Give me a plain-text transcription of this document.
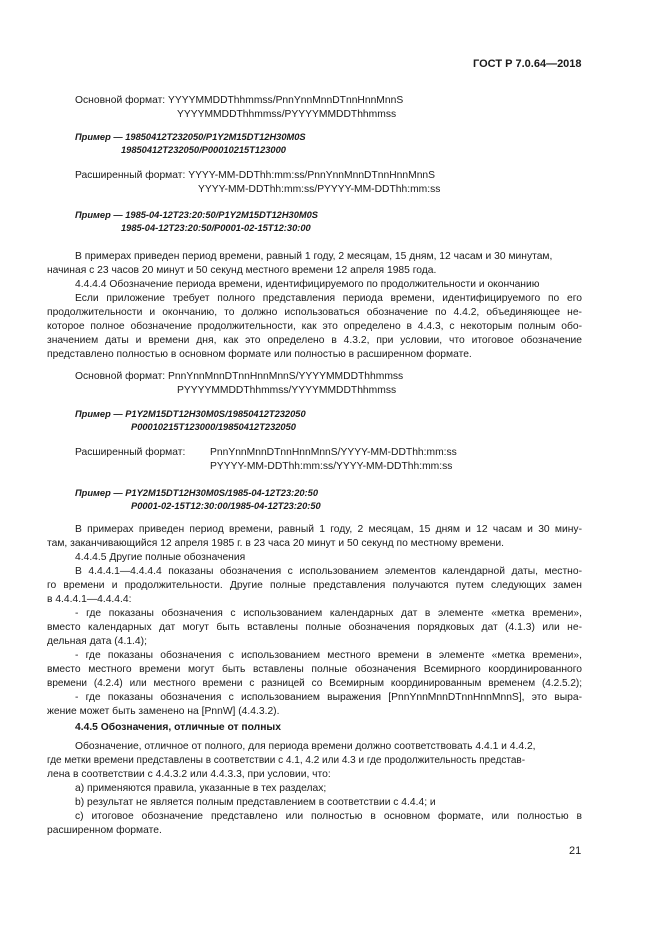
ГОСТ Р 7.0.64—2018
Основной формат: YYYYMMDDThhmmss/PnnYnnMnnDTnnHnnMnnS
YYYYMMDDThhmmss/PYYYYMMDDThhmmss
Пример — 19850412T232050/P1Y2M15DT12H30M0S
19850412T232050/P00010215T123000
Расширенный формат: YYYY-MM-DDThh:mm:ss/PnnYnnMnnDTnnHnnMnnS
YYYY-MM-DDThh:mm:ss/PYYYY-MM-DDThh:mm:ss
Пример — 1985-04-12T23:20:50/P1Y2M15DT12H30M0S
1985-04-12T23:20:50/P0001-02-15T12:30:00
В примерах приведен период времени, равный 1 году, 2 месяцам, 15 дням, 12 часам и 30 минутам,
начиная с 23 часов 20 минут и 50 секунд местного времени 12 апреля 1985 года.
4.4.4.4 Обозначение периода времени, идентифицируемого по продолжительности и окончанию
Если приложение требует полного представления периода времени, идентифицируемого по его
продолжительности и окончанию, то должно использоваться обозначение по 4.4.2, объединяющее не-
которое полное обозначение продолжительности, как это определено в 4.4.3, с некоторым полным обо-
значением даты и времени дня, как это определено в 4.3.2, при условии, что итоговое обозначение
представлено полностью в основном формате или полностью в расширенном формате.
Основной формат: PnnYnnMnnDTnnHnnMnnS/YYYYMMDDThhmmss
PYYYYMMDDThhmmss/YYYYMMDDThhmmss
Пример — P1Y2M15DT12H30M0S/19850412T232050
P00010215T123000/19850412T232050
Расширенный формат: PnnYnnMnnDTnnHnnMnnS/YYYY-MM-DDThh:mm:ss
PYYYY-MM-DDThh:mm:ss/YYYY-MM-DDThh:mm:ss
Пример — P1Y2M15DT12H30M0S/1985-04-12T23:20:50
P0001-02-15T12:30:00/1985-04-12T23:20:50
В примерах приведен период времени, равный 1 году, 2 месяцам, 15 дням и 12 часам и 30 мину-
там, заканчивающийся 12 апреля 1985 г. в 23 часа 20 минут и 50 секунд по местному времени.
4.4.4.5 Другие полные обозначения
В 4.4.4.1—4.4.4.4 показаны обозначения с использованием элементов календарной даты, местно-
го времени и продолжительности. Другие полные представления получаются путем следующих замен
в 4.4.4.1—4.4.4.4:
- где показаны обозначения с использованием календарных дат в элементе «метка времени»,
вместо календарных дат могут быть вставлены полные обозначения порядковых дат (4.1.3) или не-
дельная дата (4.1.4);
- где показаны обозначения с использованием местного времени в элементе «метка времени»,
вместо местного времени могут быть вставлены полные обозначения Всемирного координированного
времени (4.2.4) или местного времени с разницей со Всемирным координированным временем (4.2.5.2);
- где показаны обозначения с использованием выражения [PnnYnnMnnDTnnHnnMnnS], это выра-
жение может быть заменено на [PnnW] (4.4.3.2).
4.4.5 Обозначения, отличные от полных
Обозначение, отличное от полного, для периода времени должно соответствовать 4.4.1 и 4.4.2,
где метки времени представлены в соответствии с 4.1, 4.2 или 4.3 и где продолжительность представ-
лена в соответствии с 4.4.3.2 или 4.4.3.3, при условии, что:
a) применяются правила, указанные в тех разделах;
b) результат не является полным представлением в соответствии с 4.4.4; и
c) итоговое обозначение представлено или полностью в основном формате, или полностью в
расширенном формате.
21
